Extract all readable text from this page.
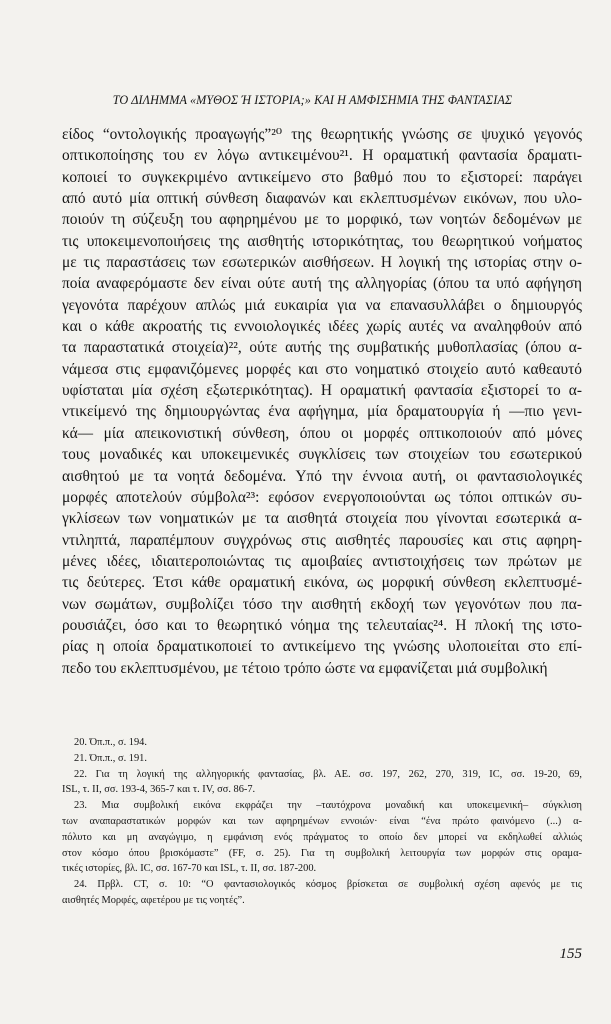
ΤΟ ΔΙΛΗΜΜΑ «ΜΥΘΟΣ Ή ΙΣΤΟΡΙΑ;» ΚΑΙ Η ΑΜΦΙΣΗΜΙΑ ΤΗΣ ΦΑΝΤΑΣΙΑΣ
είδος “οντολογικής προαγωγής”²⁰ της θεωρητικής γνώσης σε ψυχικό γεγονός
οπτικοποίησης του εν λόγω αντικειμένου²¹. Η οραματική φαντασία δραματι-
κοποιεί το συγκεκριμένο αντικείμενο στο βαθμό που το εξιστορεί: παράγει
από αυτό μία οπτική σύνθεση διαφανών και εκλεπτυσμένων εικόνων, που υλο-
ποιούν τη σύζευξη του αφηρημένου με το μορφικό, των νοητών δεδομένων με
τις υποκειμενοποιήσεις της αισθητής ιστορικότητας, του θεωρητικού νοήματος
με τις παραστάσεις των εσωτερικών αισθήσεων. Η λογική της ιστορίας στην ο-
ποία αναφερόμαστε δεν είναι ούτε αυτή της αλληγορίας (όπου τα υπό αφήγηση
γεγονότα παρέχουν απλώς μιά ευκαιρία για να επανασυλλάβει ο δημιουργός
και ο κάθε ακροατής τις εννοιολογικές ιδέες χωρίς αυτές να αναληφθούν από
τα παραστατικά στοιχεία)²², ούτε αυτής της συμβατικής μυθοπλασίας (όπου α-
νάμεσα στις εμφανιζόμενες μορφές και στο νοηματικό στοιχείο αυτό καθεαυτό
υφίσταται μία σχέση εξωτερικότητας). Η οραματική φαντασία εξιστορεί το α-
ντικείμενό της δημιουργώντας ένα αφήγημα, μία δραματουργία ή —πιο γενι-
κά— μία απεικονιστική σύνθεση, όπου οι μορφές οπτικοποιούν από μόνες
τους μοναδικές και υποκειμενικές συγκλίσεις των στοιχείων του εσωτερικού
αισθητού με τα νοητά δεδομένα. Υπό την έννοια αυτή, οι φαντασιολογικές
μορφές αποτελούν σύμβολα²³: εφόσον ενεργοποιούνται ως τόποι οπτικών συ-
γκλίσεων των νοηματικών με τα αισθητά στοιχεία που γίνονται εσωτερικά α-
ντιληπτά, παραπέμπουν συγχρόνως στις αισθητές παρουσίες και στις αφηρη-
μένες ιδέες, ιδιαιτεροποιώντας τις αμοιβαίες αντιστοιχήσεις των πρώτων με
τις δεύτερες. Έτσι κάθε οραματική εικόνα, ως μορφική σύνθεση εκλεπτυσμέ-
νων σωμάτων, συμβολίζει τόσο την αισθητή εκδοχή των γεγονότων που πα-
ρουσιάζει, όσο και το θεωρητικό νόημα της τελευταίας²⁴. Η πλοκή της ιστο-
ρίας η οποία δραματικοποιεί το αντικείμενο της γνώσης υλοποιείται στο επί-
πεδο του εκλεπτυσμένου, με τέτοιο τρόπο ώστε να εμφανίζεται μιά συμβολική
20. Όπ.π., σ. 194.
21. Όπ.π., σ. 191.
22. Για τη λογική της αλληγορικής φαντασίας, βλ. ΑΕ. σσ. 197, 262, 270, 319, IC, σσ. 19-20, 69,
ISL, τ. ΙΙ, σσ. 193-4, 365-7 και τ. IV, σσ. 86-7.
23. Μια συμβολική εικόνα εκφράζει την –ταυτόχρονα μοναδική και υποκειμενική– σύγκλιση
των αναπαραστατικών μορφών και των αφηρημένων εννοιών· είναι “ένα πρώτο φαινόμενο (...) α-
πόλυτο και μη αναγώγιμο, η εμφάνιση ενός πράγματος το οποίο δεν μπορεί να εκδηλωθεί αλλιώς
στον κόσμο όπου βρισκόμαστε” (FF, σ. 25). Για τη συμβολική λειτουργία των μορφών στις οραμα-
τικές ιστορίες, βλ. IC, σσ. 167-70 και ISL, τ. ΙΙ, σσ. 187-200.
24. Πρβλ. CT, σ. 10: “Ο φαντασιολογικός κόσμος βρίσκεται σε συμβολική σχέση αφενός με τις
αισθητές Μορφές, αφετέρου με τις νοητές”.
155
